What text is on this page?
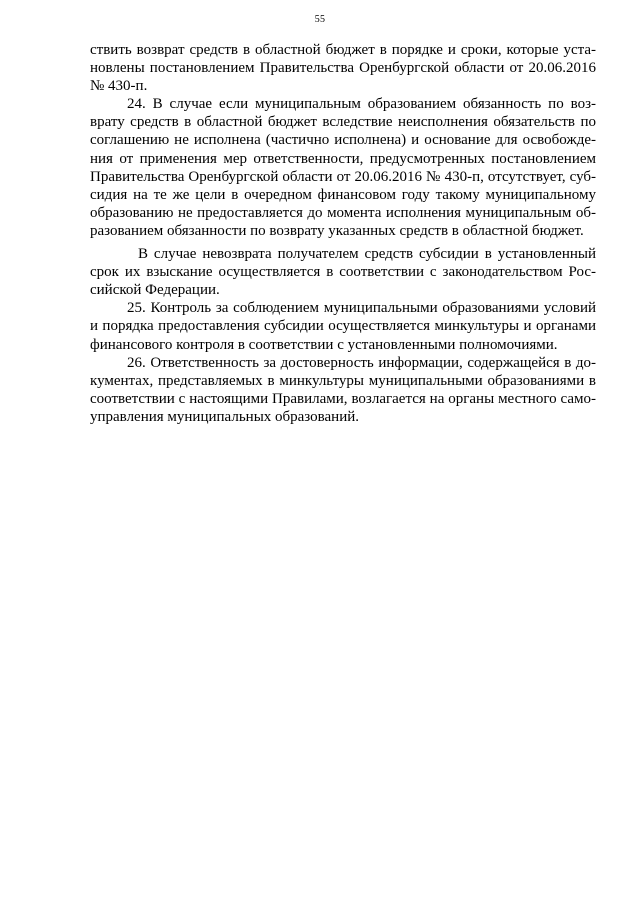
55
ствить возврат средств в областной бюджет в порядке и сроки, которые уста-
новлены постановлением Правительства Оренбургской области от 20.06.2016
№ 430-п.
24. В случае если муниципальным образованием обязанность по воз-
врату средств в областной бюджет вследствие неисполнения обязательств по
соглашению не исполнена (частично исполнена) и основание для освобожде-
ния от применения мер ответственности, предусмотренных постановлением
Правительства Оренбургской области от 20.06.2016 № 430-п, отсутствует, суб-
сидия на те же цели в очередном финансовом году такому муниципальному
образованию не предоставляется до момента исполнения муниципальным об-
разованием обязанности по возврату указанных средств в областной бюджет.
В случае невозврата получателем средств субсидии в установленный
срок их взыскание осуществляется в соответствии с законодательством Рос-
сийской Федерации.
25. Контроль за соблюдением муниципальными образованиями условий
и порядка предоставления субсидии осуществляется минкультуры и органами
финансового контроля в соответствии с установленными полномочиями.
26. Ответственность за достоверность информации, содержащейся в до-
кументах, представляемых в минкультуры муниципальными образованиями в
соответствии с настоящими Правилами, возлагается на органы местного само-
управления муниципальных образований.
